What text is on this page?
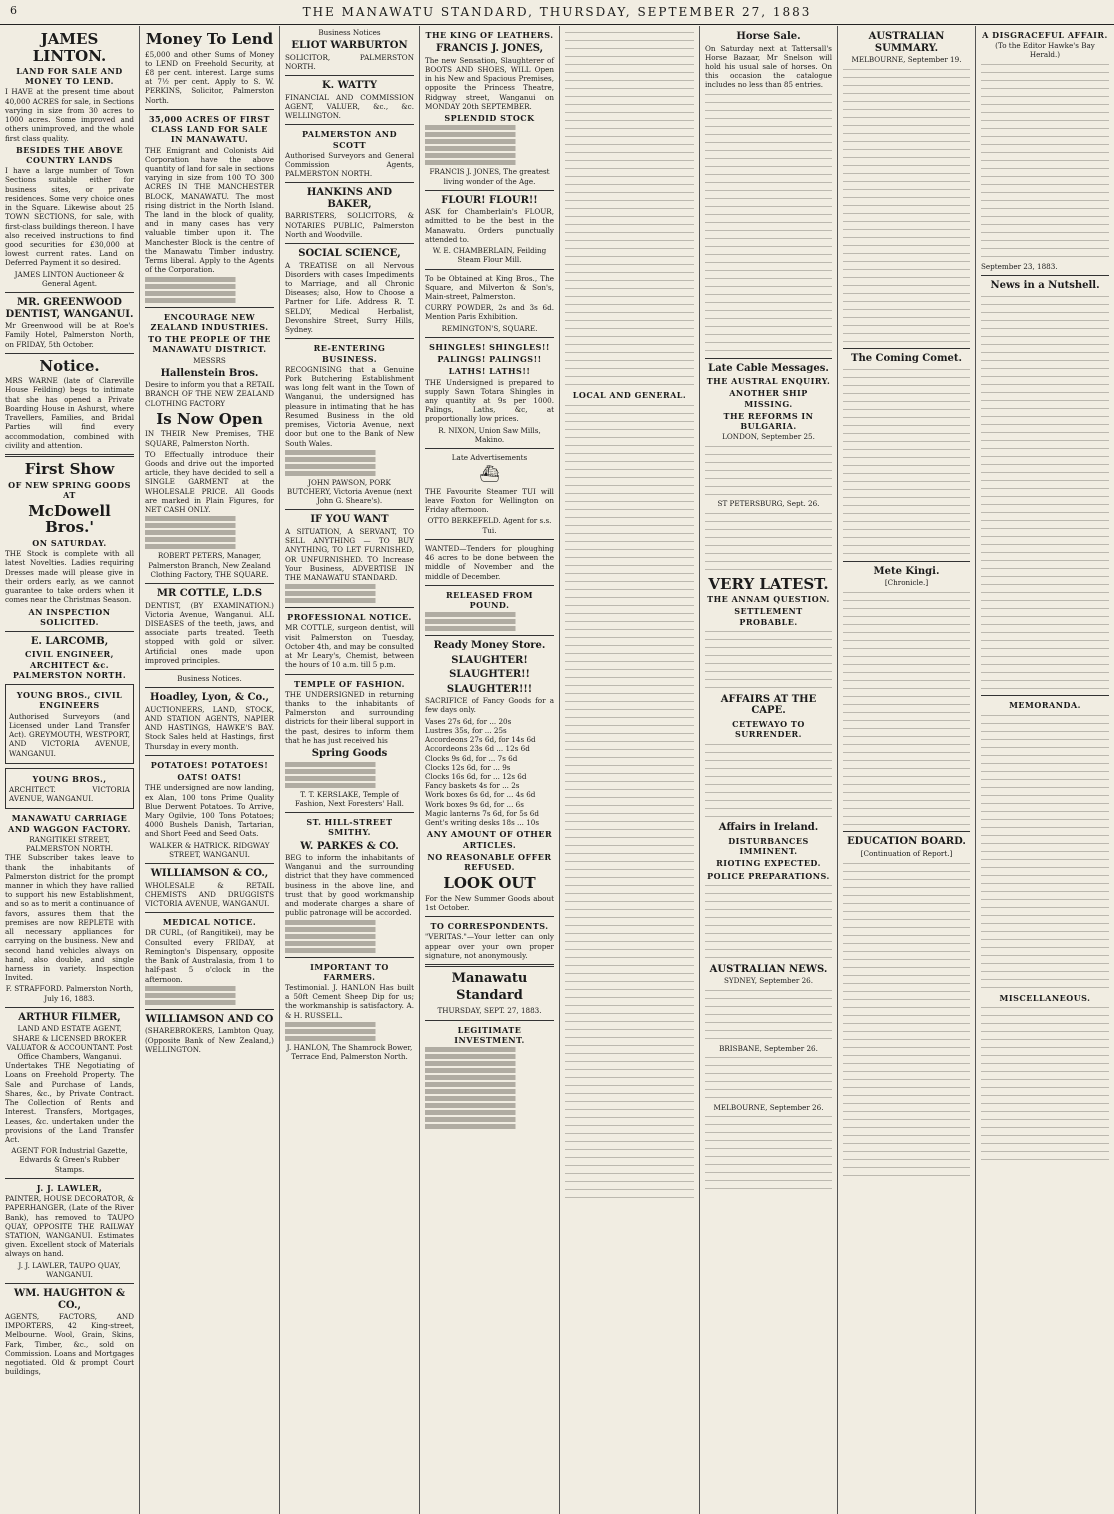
6	THE MANAWATU STANDARD, THURSDAY, SEPTEMBER 27, 1883
JAMES LINTON.
LAND FOR SALE AND MONEY TO LEND.

I HAVE at the present time about 40,000 ACRES for sale, in Sections varying in size from 30 acres to 1000 acres. Some improved and others unimproved, and the whole first class quality.

BESIDES THE ABOVE COUNTRY LANDS

I have a large number of Town Sections suitable either for business sites, or private residences. Some very choice ones in the Square. Likewise about 25 TOWN SECTIONS, for sale, with first-class buildings thereon. I have also received instructions to find good securities for £30,000 at lowest current rates. Land on Deferred Payment it so desired.

JAMES LINTON Auctioneer & General Agent.
MR. GREENWOOD DENTIST, WANGANUI.

Mr Greenwood will be at Roe's Family Hotel, Palmerston North, on FRIDAY, 5th October.

Notice.

MRS WARNE (late of Clareville House Feilding) begs to intimate that she has opened a Private Boarding House in Ashurst, where Travellers, Families, and Bridal Parties will find every accommodation, combined with civility and attention.

First Show
OF NEW SPRING GOODS AT
McDowell Bros.'
ON SATURDAY.

THE Stock is complete with all latest Novelties. Ladies requiring Dresses made will please give in their orders early, as we cannot guarantee to take orders when it comes near the Christmas Season.

AN INSPECTION SOLICITED.
E. LARCOMB,
CIVIL ENGINEER, ARCHITECT &c. PALMERSTON NORTH.
YOUNG BROS., CIVIL ENGINEERS

Authorised Surveyors (and Licensed under Land Transfer Act). GREYMOUTH, WESTPORT, AND VICTORIA AVENUE, WANGANUI.

YOUNG BROS.,

ARCHITECT. VICTORIA AVENUE, WANGANUI.

MANAWATU CARRIAGE AND WAGGON FACTORY.
RANGITIKEI STREET, PALMERSTON NORTH.

THE Subscriber takes leave to thank the inhabitants of Palmerston district for the prompt manner in which they have rallied to support his new Establishment, and so as to merit a continuance of favors, assures them that the premises are now REPLETE with all necessary appliances for carrying on the business. New and second hand vehicles always on hand, also double, and single harness in variety. Inspection Invited.

F. STRAFFORD. Palmerston North, July 16, 1883.
ARTHUR FILMER,
LAND AND ESTATE AGENT, SHARE & LICENSED BROKER VALUATOR & ACCOUNTANT. Post Office Chambers, Wanganui.

Undertakes THE Negotiating of Loans on Freehold Property. The Sale and Purchase of Lands, Shares, &c., by Private Contract. The Collection of Rents and Interest. Transfers, Mortgages, Leases, &c. undertaken under the provisions of the Land Transfer Act.

AGENT FOR Industrial Gazette, Edwards & Green's Rubber Stamps.
J. J. LAWLER,

PAINTER, HOUSE DECORATOR, & PAPERHANGER, (Late of the River Bank), has removed to TAUPO QUAY, OPPOSITE THE RAILWAY STATION, WANGANUI. Estimates given. Excellent stock of Materials always on hand.

J. J. LAWLER, TAUPO QUAY, WANGANUI.
WM. HAUGHTON & CO.,

AGENTS, FACTORS, AND IMPORTERS, 42 King-street, Melbourne. Wool, Grain, Skins, Fark, Timber, &c., sold on Commission. Loans and Mortgages negotiated. Old & prompt Court buildings,

Money To Lend

£5,000 and other Sums of Money to LEND on Freehold Security, at £8 per cent. interest. Large sums at 7½ per cent. Apply to S. W. PERKINS, Solicitor, Palmerston North.

35,000 ACRES OF FIRST CLASS LAND FOR SALE IN MANAWATU.

THE Emigrant and Colonists Aid Corporation have the above quantity of land for sale in sections varying in size from 100 TO 300 ACRES IN THE MANCHESTER BLOCK, MANAWATU. The most rising district in the North Island. The land in the block of quality, and in many cases has very valuable timber upon it. The Manchester Block is the centre of the Manawatu Timber industry. Terms liberal. Apply to the Agents of the Corporation.

ENCOURAGE NEW ZEALAND INDUSTRIES.
TO THE PEOPLE OF THE MANAWATU DISTRICT.
MESSRS
Hallenstein Bros.

Desire to inform you that a RETAIL BRANCH OF THE NEW ZEALAND CLOTHING FACTORY

Is Now Open

IN THEIR New Premises, THE SQUARE, Palmerston North.

TO Effectually introduce their Goods and drive out the imported article, they have decided to sell a SINGLE GARMENT at the WHOLESALE PRICE. All Goods are marked in Plain Figures, for NET CASH ONLY.

ROBERT PETERS, Manager, Palmerston Branch, New Zealand Clothing Factory, THE SQUARE.
MR COTTLE, L.D.S

DENTIST, (BY EXAMINATION.) Victoria Avenue, Wanganui. ALL DISEASES of the teeth, jaws, and associate parts treated. Teeth stopped with gold or silver. Artificial ones made upon improved principles.

Business Notices.
Hoadley, Lyon, & Co.,

AUCTIONEERS, LAND, STOCK, AND STATION AGENTS, NAPIER AND HASTINGS, HAWKE'S BAY. Stock Sales held at Hastings, first Thursday in every month.

POTATOES! POTATOES!
OATS! OATS!

THE undersigned are now landing, ex Alan, 100 tons Prime Quality Blue Derwent Potatoes. To Arrive, Mary Ogilvie, 100 Tons Potatoes; 4000 Bushels Danish, Tartarian, and Short Feed and Seed Oats.

WALKER & HATRICK. RIDGWAY STREET, WANGANUI.
WILLIAMSON & CO.,

WHOLESALE & RETAIL CHEMISTS AND DRUGGISTS VICTORIA AVENUE, WANGANUI.

MEDICAL NOTICE.

DR CURL, (of Rangitikei), may be Consulted every FRIDAY, at Remington's Dispensary, opposite the Bank of Australasia, from 1 to half-past 5 o'clock in the afternoon.

WILLIAMSON AND CO

(SHAREBROKERS, Lambton Quay, (Opposite Bank of New Zealand,) WELLINGTON.

Business Notices
ELIOT WARBURTON

SOLICITOR, PALMERSTON NORTH.

K. WATTY

FINANCIAL AND COMMISSION AGENT, VALUER, &c., &c. WELLINGTON.

PALMERSTON AND SCOTT

Authorised Surveyors and General Commission Agents, PALMERSTON NORTH.

HANKINS AND BAKER,

BARRISTERS, SOLICITORS, & NOTARIES PUBLIC, Palmerston North and Woodville.

SOCIAL SCIENCE,

A TREATISE on all Nervous Disorders with cases Impediments to Marriage, and all Chronic Diseases; also, How to Choose a Partner for Life. Address R. T. SELDY, Medical Herbalist, Devonshire Street, Surry Hills, Sydney.

RE-ENTERING BUSINESS.

RECOGNISING that a Genuine Pork Butchering Establishment was long felt want in the Town of Wanganui, the undersigned has pleasure in intimating that he has Resumed Business in the old premises, Victoria Avenue, next door but one to the Bank of New South Wales.

JOHN PAWSON, PORK BUTCHERY, Victoria Avenue (next John G. Sheare's).
IF YOU WANT

A SITUATION, A SERVANT, TO SELL ANYTHING — TO BUY ANYTHING, TO LET FURNISHED, OR UNFURNISHED. TO Increase Your Business, ADVERTISE IN THE MANAWATU STANDARD.

PROFESSIONAL NOTICE.

MR COTTLE, surgeon dentist, will visit Palmerston on Tuesday, October 4th, and may be consulted at Mr Leary's, Chemist, between the hours of 10 a.m. till 5 p.m.

TEMPLE OF FASHION.

THE UNDERSIGNED in returning thanks to the inhabitants of Palmerston and surrounding districts for their liberal support in the past, desires to inform them that he has just received his

Spring Goods
T. T. KERSLAKE, Temple of Fashion, Next Foresters' Hall.
ST. HILL-STREET SMITHY.
W. PARKES & CO.

BEG to inform the inhabitants of Wanganui and the surrounding district that they have commenced business in the above line, and trust that by good workmanship and moderate charges a share of public patronage will be accorded.

IMPORTANT TO FARMERS.

Testimonial. J. HANLON Has built a 50ft Cement Sheep Dip for us; the workmanship is satisfactory. A. & H. RUSSELL.

J. HANLON, The Shamrock Bower, Terrace End, Palmerston North.
THE KING OF LEATHERS.
FRANCIS J. JONES,

The new Sensation, Slaughterer of BOOTS AND SHOES, WILL Open in his New and Spacious Premises, opposite the Princess Theatre, Ridgway street, Wanganui on MONDAY 20th SEPTEMBER.

SPLENDID STOCK
FRANCIS J. JONES, The greatest living wonder of the Age.
FLOUR! FLOUR!!

ASK for Chamberlain's FLOUR, admitted to be the best in the Manawatu. Orders punctually attended to.

W. E. CHAMBERLAIN, Feilding Steam Flour Mill.

To be Obtained at King Bros., The Square, and Milverton & Son's, Main-street, Palmerston.

CURRY POWDER, 2s and 3s 6d. Mention Paris Exhibition.

REMINGTON'S, SQUARE.
SHINGLES! SHINGLES!!
PALINGS! PALINGS!!
LATHS! LATHS!!

THE Undersigned is prepared to supply Sawn Totara Shingles in any quantity at 9s per 1000. Palings, Laths, &c, at proportionally low prices.

R. NIXON, Union Saw Mills, Makino.
Late Advertisements
⛴

THE Favourite Steamer TUI will leave Foxton for Wellington on Friday afternoon.

OTTO BERKEFELD. Agent for s.s. Tui.

WANTED—Tenders for ploughing 46 acres to be done between the middle of November and the middle of December.

RELEASED FROM POUND.
Ready Money Store.
SLAUGHTER!
SLAUGHTER!!
SLAUGHTER!!!

SACRIFICE of Fancy Goods for a few days only.

Vases 27s 6d, for ... 20s
Lustres 35s, for ... 25s
Accordeons 27s 6d, for 14s 6d
Accordeons 23s 6d ... 12s 6d
Clocks 9s 6d, for ... 7s 6d
Clocks 12s 6d, for ... 9s
Clocks 16s 6d, for ... 12s 6d
Fancy baskets 4s for ... 2s
Work boxes 6s 6d, for ... 4s 6d
Work boxes 9s 6d, for ... 6s
Magic lanterns 7s 6d, for 5s 6d
Gent's writing desks 18s ... 10s
ANY AMOUNT OF OTHER ARTICLES.
NO REASONABLE OFFER REFUSED.
LOOK OUT

For the New Summer Goods about 1st October.

TO CORRESPONDENTS.

"VERITAS."—Your letter can only appear over your own proper signature, not anonymously.

Manawatu Standard
THURSDAY, SEPT. 27, 1883.
LEGITIMATE INVESTMENT.
LOCAL AND GENERAL.
Horse Sale.

On Saturday next at Tattersall's Horse Bazaar, Mr Snelson will hold his usual sale of horses. On this occasion the catalogue includes no less than 85 entries.

Late Cable Messages.
THE AUSTRAL ENQUIRY.
ANOTHER SHIP MISSING.
THE REFORMS IN BULGARIA.
LONDON, September 25.
ST PETERSBURG, Sept. 26.
VERY LATEST.
THE ANNAM QUESTION.
SETTLEMENT PROBABLE.
AFFAIRS AT THE CAPE.
CETEWAYO TO SURRENDER.
Affairs in Ireland.
DISTURBANCES IMMINENT.
RIOTING EXPECTED.
POLICE PREPARATIONS.
AUSTRALIAN NEWS.
SYDNEY, September 26.
BRISBANE, September 26.
MELBOURNE, September 26.
AUSTRALIAN SUMMARY.
MELBOURNE, September 19.
The Coming Comet.
Mete Kingi.
[Chronicle.]
EDUCATION BOARD.
[Continuation of Report.]
A DISGRACEFUL AFFAIR.
(To the Editor Hawke's Bay Herald.)
September 23, 1883.
News in a Nutshell.
MEMORANDA.
MISCELLANEOUS.
